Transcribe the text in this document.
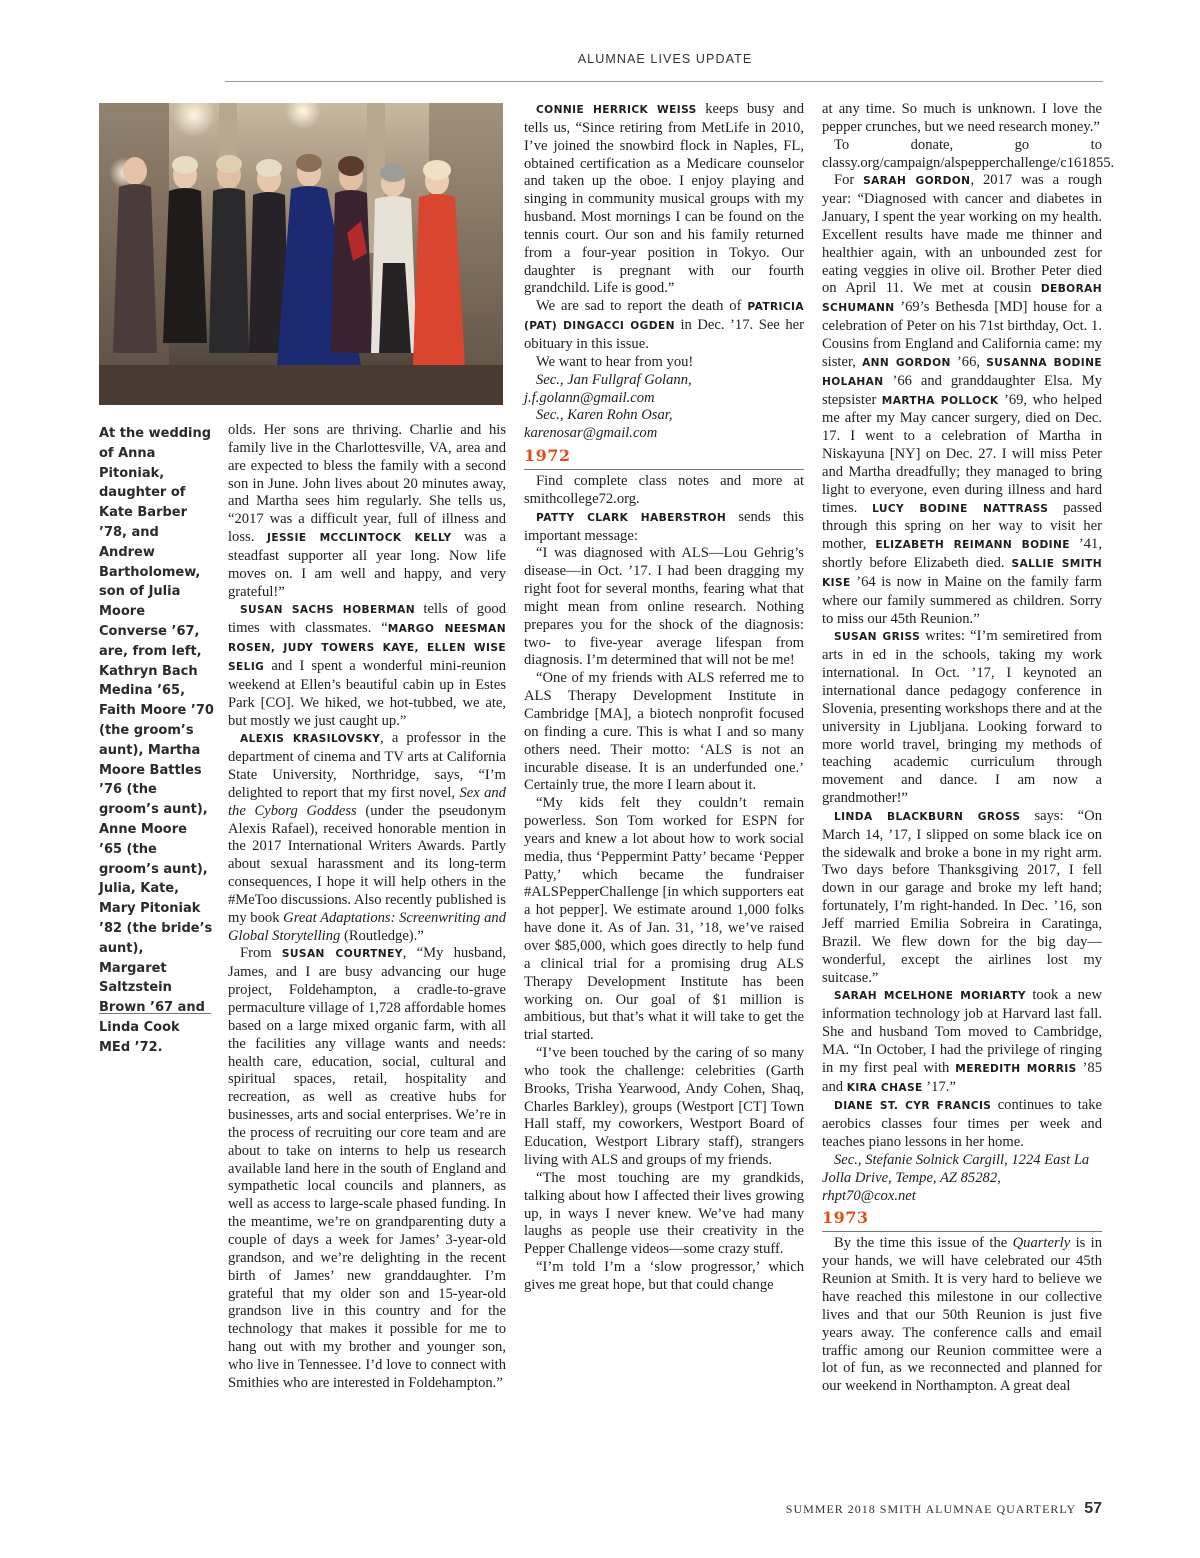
ALUMNAE LIVES UPDATE
At the wedding of Anna Pitoniak, daughter of Kate Barber ’78, and Andrew Bartholomew, son of Julia Moore Converse ’67, are, from left, Kathryn Bach Medina ’65, Faith Moore ’70 (the groom’s aunt), Martha Moore Battles ’76 (the groom’s aunt), Anne Moore ’65 (the groom’s aunt), Julia, Kate, Mary Pitoniak ’82 (the bride’s aunt), Margaret Saltzstein Brown ’67 and Linda Cook MEd ’72.

olds. Her sons are thriving. Charlie and his family live in the Charlottesville, VA, area and are expected to bless the family with a second son in June. John lives about 20 minutes away, and Martha sees him regularly. She tells us, “2017 was a difficult year, full of illness and loss. JESSIE MCCLINTOCK KELLY was a steadfast supporter all year long. Now life moves on. I am well and happy, and very grateful!”

SUSAN SACHS HOBERMAN tells of good times with classmates. “MARGO NEESMAN ROSEN, JUDY TOWERS KAYE, ELLEN WISE SELIG and I spent a wonderful mini-reunion weekend at Ellen’s beautiful cabin up in Estes Park [CO]. We hiked, we hot-tubbed, we ate, but mostly we just caught up.”

ALEXIS KRASILOVSKY, a professor in the department of cinema and TV arts at California State University, Northridge, says, “I’m delighted to report that my first novel, Sex and the Cyborg Goddess (under the pseudonym Alexis Rafael), received honorable mention in the 2017 International Writers Awards. Partly about sexual harassment and its long-term consequences, I hope it will help others in the #MeToo discussions. Also recently published is my book Great Adaptations: Screenwriting and Global Storytelling (Routledge).”

From SUSAN COURTNEY, “My husband, James, and I are busy advancing our huge project, Foldehampton, a cradle-to-grave permaculture village of 1,728 affordable homes based on a large mixed organic farm, with all the facilities any village wants and needs: health care, education, social, cultural and spiritual spaces, retail, hospitality and recreation, as well as creative hubs for businesses, arts and social enterprises. We’re in the process of recruiting our core team and are about to take on interns to help us research available land here in the south of England and sympathetic local councils and planners, as well as access to large-scale phased funding. In the meantime, we’re on grandparenting duty a couple of days a week for James’ 3-year-old grandson, and we’re delighting in the recent birth of James’ new granddaughter. I’m grateful that my older son and 15-year-old grandson live in this country and for the technology that makes it possible for me to hang out with my brother and younger son, who live in Tennessee. I’d love to connect with Smithies who are interested in Foldehampton.”

CONNIE HERRICK WEISS keeps busy and tells us, “Since retiring from MetLife in 2010, I’ve joined the snowbird flock in Naples, FL, obtained certification as a Medicare counselor and taken up the oboe. I enjoy playing and singing in community musical groups with my husband. Most mornings I can be found on the tennis court. Our son and his family returned from a four-year position in Tokyo. Our daughter is pregnant with our fourth grandchild. Life is good.”

We are sad to report the death of PATRICIA (PAT) DINGACCI OGDEN in Dec. ’17. See her obituary in this issue.

We want to hear from you!

Sec., Jan Fullgraf Golann,

j.f.golann@gmail.com

Sec., Karen Rohn Osar,

karenosar@gmail.com

1972

Find complete class notes and more at smithcollege72.org.

PATTY CLARK HABERSTROH sends this important message:

“I was diagnosed with ALS—Lou Gehrig’s disease—in Oct. ’17. I had been dragging my right foot for several months, fearing what that might mean from online research. Nothing prepares you for the shock of the diagnosis: two- to five-year average lifespan from diagnosis. I’m determined that will not be me!

“One of my friends with ALS referred me to ALS Therapy Development Institute in Cambridge [MA], a biotech nonprofit focused on finding a cure. This is what I and so many others need. Their motto: ‘ALS is not an incurable disease. It is an underfunded one.’ Certainly true, the more I learn about it.

“My kids felt they couldn’t remain powerless. Son Tom worked for ESPN for years and knew a lot about how to work social media, thus ‘Peppermint Patty’ became ‘Pepper Patty,’ which became the fundraiser #ALSPepperChallenge [in which supporters eat a hot pepper]. We estimate around 1,000 folks have done it. As of Jan. 31, ’18, we’ve raised over $85,000, which goes directly to help fund a clinical trial for a promising drug ALS Therapy Development Institute has been working on. Our goal of $1 million is ambitious, but that’s what it will take to get the trial started.

“I’ve been touched by the caring of so many who took the challenge: celebrities (Garth Brooks, Trisha Yearwood, Andy Cohen, Shaq, Charles Barkley), groups (Westport [CT] Town Hall staff, my coworkers, Westport Board of Education, Westport Library staff), strangers living with ALS and groups of my friends.

“The most touching are my grandkids, talking about how I affected their lives growing up, in ways I never knew. We’ve had many laughs as people use their creativity in the Pepper Challenge videos—some crazy stuff.

“I’m told I’m a ‘slow progressor,’ which gives me great hope, but that could change

at any time. So much is unknown. I love the pepper crunches, but we need research money.”

To donate, go to classy.org/campaign/alspepperchallenge/c161855.

For SARAH GORDON, 2017 was a rough year: “Diagnosed with cancer and diabetes in January, I spent the year working on my health. Excellent results have made me thinner and healthier again, with an unbounded zest for eating veggies in olive oil. Brother Peter died on April 11. We met at cousin DEBORAH SCHUMANN ’69’s Bethesda [MD] house for a celebration of Peter on his 71st birthday, Oct. 1. Cousins from England and California came: my sister, ANN GORDON ’66, SUSANNA BODINE HOLAHAN ’66 and granddaughter Elsa. My stepsister MARTHA POLLOCK ’69, who helped me after my May cancer surgery, died on Dec. 17. I went to a celebration of Martha in Niskayuna [NY] on Dec. 27. I will miss Peter and Martha dreadfully; they managed to bring light to everyone, even during illness and hard times. LUCY BODINE NATTRASS passed through this spring on her way to visit her mother, ELIZABETH REIMANN BODINE ’41, shortly before Elizabeth died. SALLIE SMITH KISE ’64 is now in Maine on the family farm where our family summered as children. Sorry to miss our 45th Reunion.”

SUSAN GRISS writes: “I’m semiretired from arts in ed in the schools, taking my work international. In Oct. ’17, I keynoted an international dance pedagogy conference in Slovenia, presenting workshops there and at the university in Ljubljana. Looking forward to more world travel, bringing my methods of teaching academic curriculum through movement and dance. I am now a grandmother!”

LINDA BLACKBURN GROSS says: “On March 14, ’17, I slipped on some black ice on the sidewalk and broke a bone in my right arm. Two days before Thanksgiving 2017, I fell down in our garage and broke my left hand; fortunately, I’m right-handed. In Dec. ’16, son Jeff married Emilia Sobreira in Caratinga, Brazil. We flew down for the big day—wonderful, except the airlines lost my suitcase.”

SARAH MCELHONE MORIARTY took a new information technology job at Harvard last fall. She and husband Tom moved to Cambridge, MA. “In October, I had the privilege of ringing in my first peal with MEREDITH MORRIS ’85 and KIRA CHASE ’17.”

DIANE ST. CYR FRANCIS continues to take aerobics classes four times per week and teaches piano lessons in her home.

Sec., Stefanie Solnick Cargill, 1224 East La Jolla Drive, Tempe, AZ 85282,

rhpt70@cox.net

1973

By the time this issue of the Quarterly is in your hands, we will have celebrated our 45th Reunion at Smith. It is very hard to believe we have reached this milestone in our collective lives and that our 50th Reunion is just five years away. The conference calls and email traffic among our Reunion committee were a lot of fun, as we reconnected and planned for our weekend in Northampton. A great deal

SUMMER 2018 SMITH ALUMNAE QUARTERLY 57
